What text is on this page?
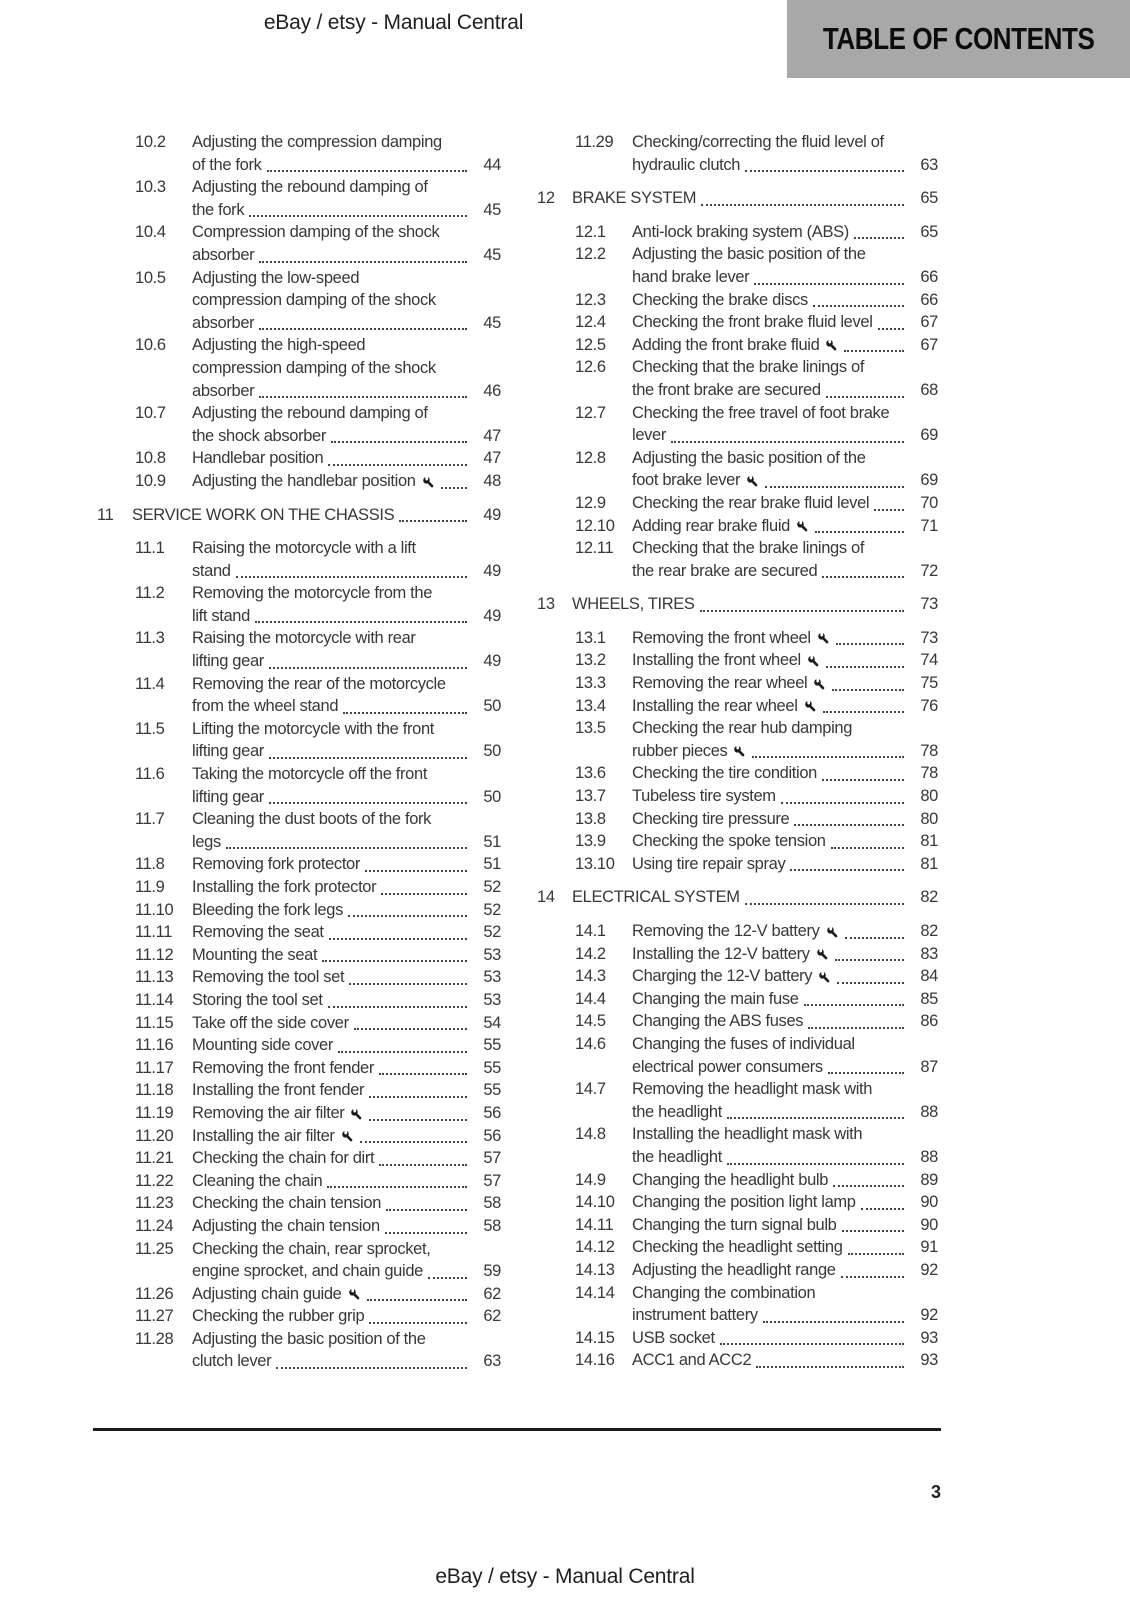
eBay / etsy - Manual Central	TABLE OF CONTENTS
10.2	Adjusting the compression damping
of the fork	44
10.3	Adjusting the rebound damping of
the fork	45
10.4	Compression damping of the shock
absorber	45
10.5	Adjusting the low-speed
compression damping of the shock
absorber	45
10.6	Adjusting the high-speed
compression damping of the shock
absorber	46
10.7	Adjusting the rebound damping of
the shock absorber	47
10.8	Handlebar position	47
10.9	Adjusting the handlebar position	48
11	SERVICE WORK ON THE CHASSIS	49
11.1	Raising the motorcycle with a lift
stand	49
11.2	Removing the motorcycle from the
lift stand	49
11.3	Raising the motorcycle with rear
lifting gear	49
11.4	Removing the rear of the motorcycle
from the wheel stand	50
11.5	Lifting the motorcycle with the front
lifting gear	50
11.6	Taking the motorcycle off the front
lifting gear	50
11.7	Cleaning the dust boots of the fork
legs	51
11.8	Removing fork protector	51
11.9	Installing the fork protector	52
11.10	Bleeding the fork legs	52
11.11	Removing the seat	52
11.12	Mounting the seat	53
11.13	Removing the tool set	53
11.14	Storing the tool set	53
11.15	Take off the side cover	54
11.16	Mounting side cover	55
11.17	Removing the front fender	55
11.18	Installing the front fender	55
11.19	Removing the air filter	56
11.20	Installing the air filter	56
11.21	Checking the chain for dirt	57
11.22	Cleaning the chain	57
11.23	Checking the chain tension	58
11.24	Adjusting the chain tension	58
11.25	Checking the chain, rear sprocket,
engine sprocket, and chain guide	59
11.26	Adjusting chain guide	62
11.27	Checking the rubber grip	62
11.28	Adjusting the basic position of the
clutch lever	63
11.29	Checking/correcting the fluid level of
hydraulic clutch	63
12	BRAKE SYSTEM	65
12.1	Anti-lock braking system (ABS)	65
12.2	Adjusting the basic position of the
hand brake lever	66
12.3	Checking the brake discs	66
12.4	Checking the front brake fluid level	67
12.5	Adding the front brake fluid	67
12.6	Checking that the brake linings of
the front brake are secured	68
12.7	Checking the free travel of foot brake
lever	69
12.8	Adjusting the basic position of the
foot brake lever	69
12.9	Checking the rear brake fluid level	70
12.10	Adding rear brake fluid	71
12.11	Checking that the brake linings of
the rear brake are secured	72
13	WHEELS, TIRES	73
13.1	Removing the front wheel	73
13.2	Installing the front wheel	74
13.3	Removing the rear wheel	75
13.4	Installing the rear wheel	76
13.5	Checking the rear hub damping
rubber pieces	78
13.6	Checking the tire condition	78
13.7	Tubeless tire system	80
13.8	Checking tire pressure	80
13.9	Checking the spoke tension	81
13.10	Using tire repair spray	81
14	ELECTRICAL SYSTEM	82
14.1	Removing the 12-V battery	82
14.2	Installing the 12-V battery	83
14.3	Charging the 12-V battery	84
14.4	Changing the main fuse	85
14.5	Changing the ABS fuses	86
14.6	Changing the fuses of individual
electrical power consumers	87
14.7	Removing the headlight mask with
the headlight	88
14.8	Installing the headlight mask with
the headlight	88
14.9	Changing the headlight bulb	89
14.10	Changing the position light lamp	90
14.11	Changing the turn signal bulb	90
14.12	Checking the headlight setting	91
14.13	Adjusting the headlight range	92
14.14	Changing the combination
instrument battery	92
14.15	USB socket	93
14.16	ACC1 and ACC2	93
3
eBay / etsy - Manual Central
